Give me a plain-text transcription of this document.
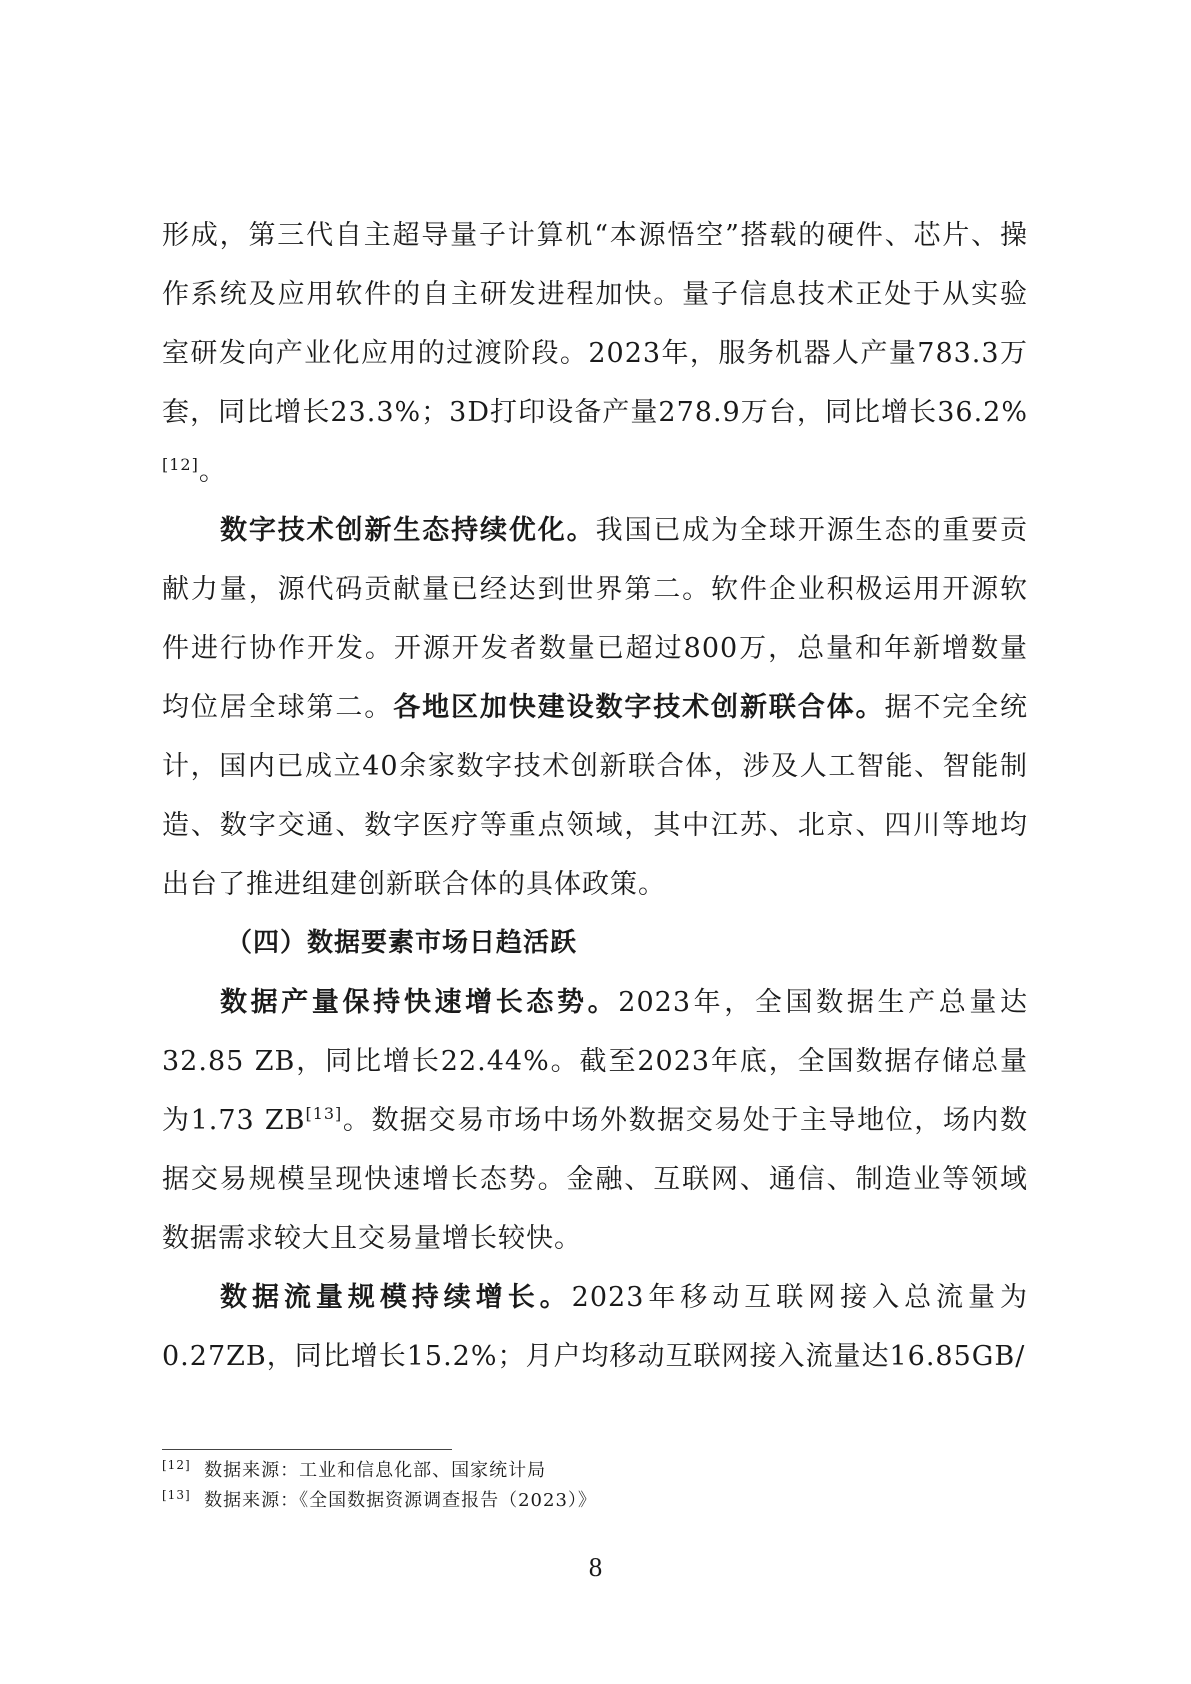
形成，第三代自主超导量子计算机“本源悟空”搭载的硬件、芯片、操作系统及应用软件的自主研发进程加快。量子信息技术正处于从实验室研发向产业化应用的过渡阶段。2023年，服务机器人产量783.3万套，同比增长23.3%；3D打印设备产量278.9万台，同比增长36.2%[12]。

数字技术创新生态持续优化。我国已成为全球开源生态的重要贡献力量，源代码贡献量已经达到世界第二。软件企业积极运用开源软件进行协作开发。开源开发者数量已超过800万，总量和年新增数量均位居全球第二。各地区加快建设数字技术创新联合体。据不完全统计，国内已成立40余家数字技术创新联合体，涉及人工智能、智能制造、数字交通、数字医疗等重点领域，其中江苏、北京、四川等地均出台了推进组建创新联合体的具体政策。

（四）数据要素市场日趋活跃

数据产量保持快速增长态势。2023年，全国数据生产总量达32.85 ZB，同比增长22.44%。截至2023年底，全国数据存储总量为1.73 ZB[13]。数据交易市场中场外数据交易处于主导地位，场内数据交易规模呈现快速增长态势。金融、互联网、通信、制造业等领域数据需求较大且交易量增长较快。

数据流量规模持续增长。2023年移动互联网接入总流量为0.27ZB，同比增长15.2%；月户均移动互联网接入流量达16.85GB/

[12] 数据来源：工业和信息化部、国家统计局

[13] 数据来源：《全国数据资源调查报告（2023）》

8
